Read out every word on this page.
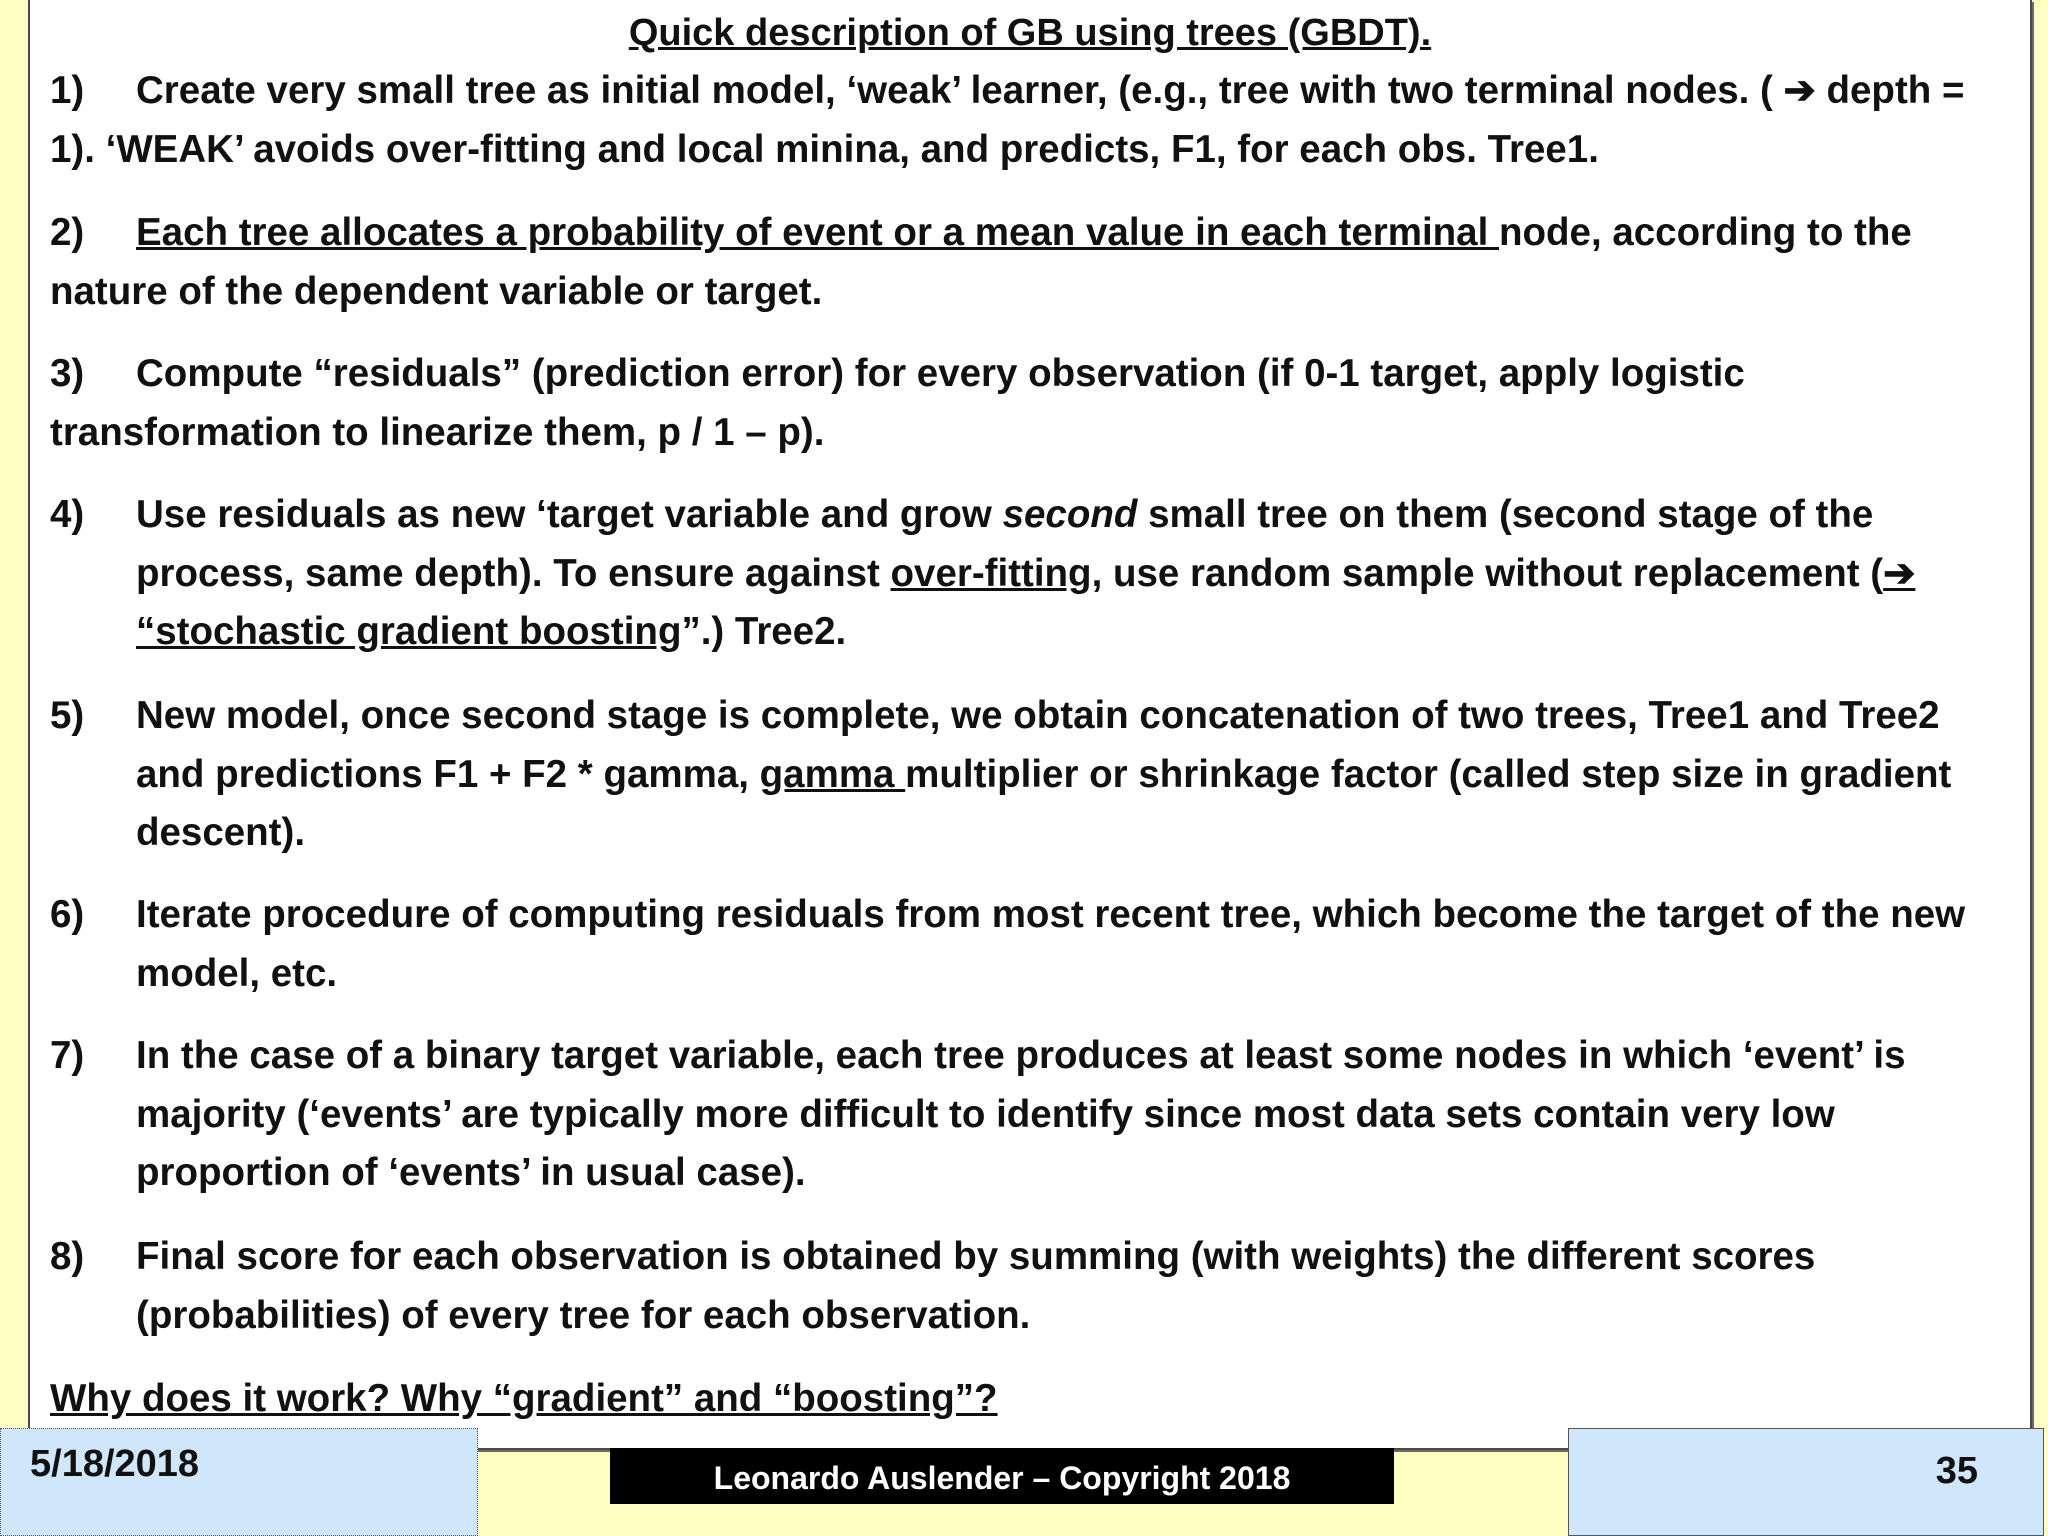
Quick description of GB using trees (GBDT).
1)	Create very small tree as initial model, ‘weak’ learner, (e.g., tree with two terminal nodes. ( ➔ depth = 1). ‘WEAK’ avoids over-fitting and local minina, and predicts, F1, for each obs. Tree1.
2)	Each tree allocates a probability of event or a mean value in each terminal node, according to the nature of the dependent variable or target.
3)	Compute “residuals” (prediction error) for every observation (if 0-1 target, apply logistic transformation to linearize them, p / 1 – p).
4)	Use residuals as new ‘target variable and grow second small tree on them (second stage of the process, same depth). To ensure against over-fitting, use random sample without replacement (➔ “stochastic gradient boosting”.) Tree2.
5)	New model, once second stage is complete, we obtain concatenation of two trees, Tree1 and Tree2 and predictions F1 + F2 * gamma, gamma multiplier or shrinkage factor (called step size in gradient descent).
6)	Iterate procedure of computing residuals from most recent tree, which become the target of the new model, etc.
7)	In the case of a binary target variable, each tree produces at least some nodes in which ‘event’ is majority (‘events’ are typically more difficult to identify since most data sets contain very low proportion of ‘events’ in usual case).
8)	Final score for each observation is obtained by summing (with weights) the different scores (probabilities) of every tree for each observation.
Why does it work? Why “gradient” and “boosting”?
5/18/2018	Leonardo Auslender – Copyright 2018	35
